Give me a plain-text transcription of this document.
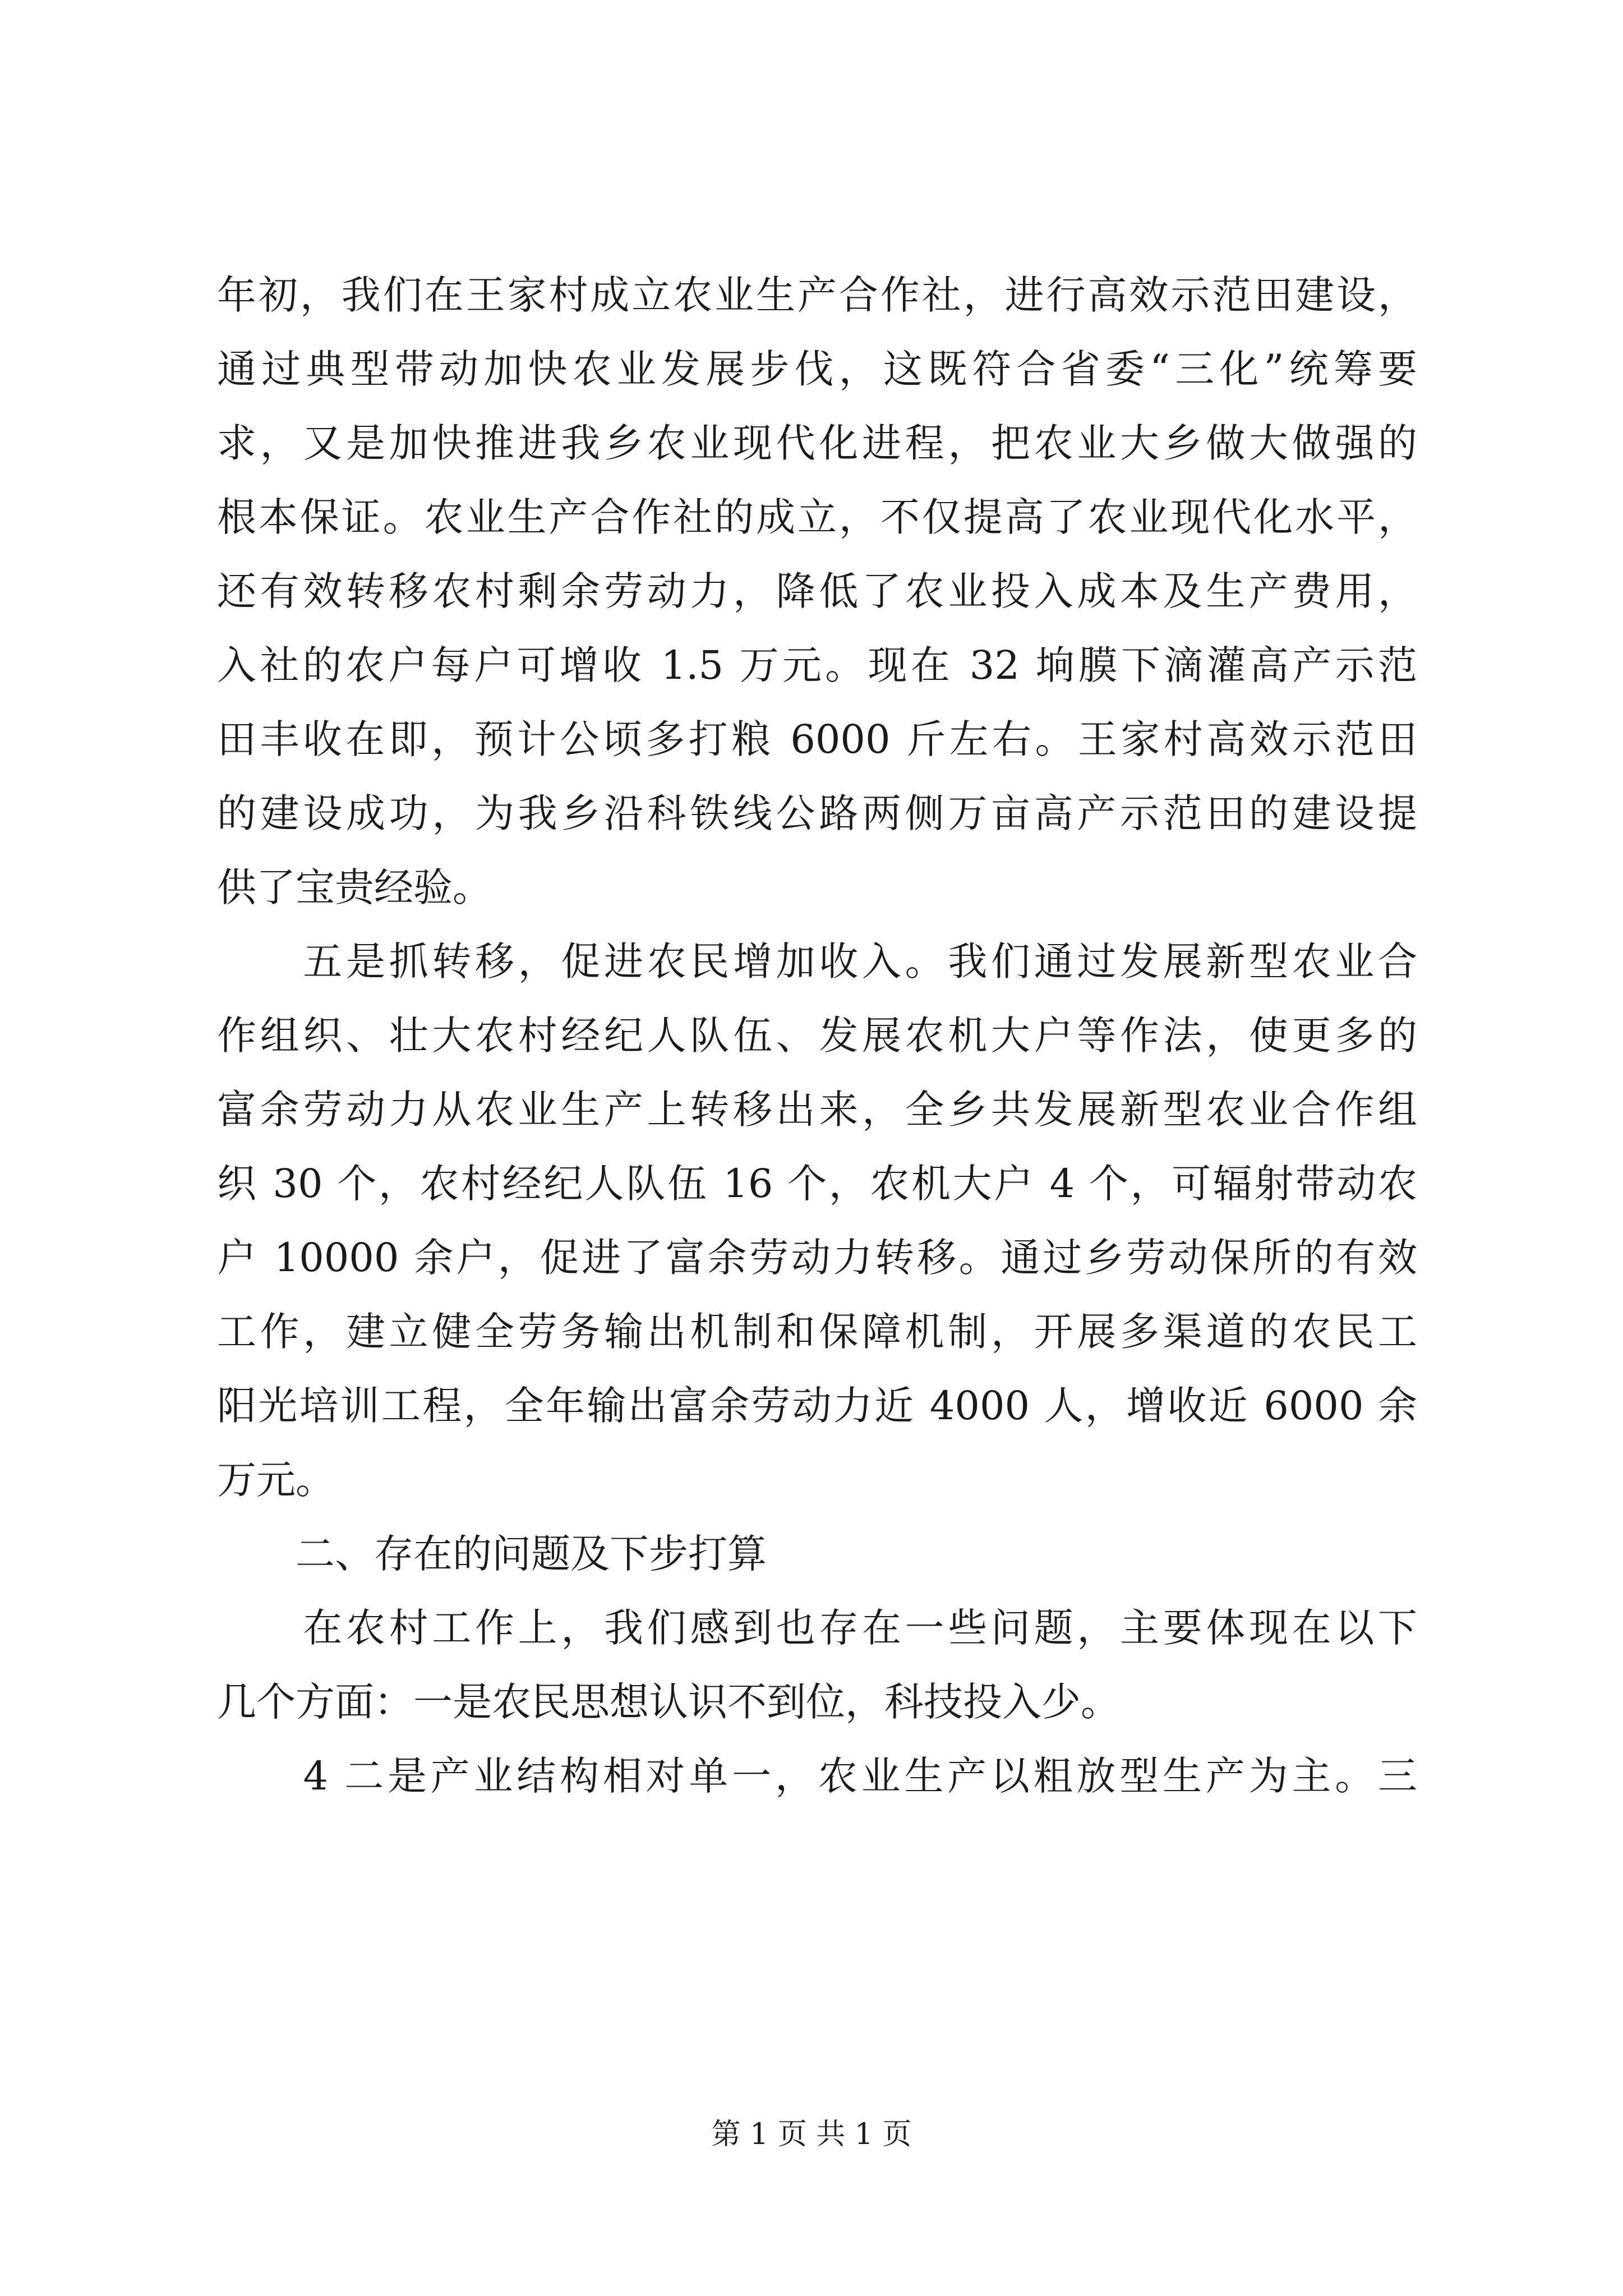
年初，我们在王家村成立农业生产合作社，进行高效示范田建设，
通过典型带动加快农业发展步伐，这既符合省委“三化”统筹要
求，又是加快推进我乡农业现代化进程，把农业大乡做大做强的
根本保证。农业生产合作社的成立，不仅提高了农业现代化水平，
还有效转移农村剩余劳动力，降低了农业投入成本及生产费用，
入社的农户每户可增收 1.5 万元。现在 32 垧膜下滴灌高产示范
田丰收在即，预计公顷多打粮 6000 斤左右。王家村高效示范田
的建设成功，为我乡沿科铁线公路两侧万亩高产示范田的建设提
供了宝贵经验。
　　五是抓转移，促进农民增加收入。我们通过发展新型农业合
作组织、壮大农村经纪人队伍、发展农机大户等作法，使更多的
富余劳动力从农业生产上转移出来，全乡共发展新型农业合作组
织 30 个，农村经纪人队伍 16 个，农机大户 4 个，可辐射带动农
户 10000 余户，促进了富余劳动力转移。通过乡劳动保所的有效
工作，建立健全劳务输出机制和保障机制，开展多渠道的农民工
阳光培训工程，全年输出富余劳动力近 4000 人，增收近 6000 余
万元。
　　二、存在的问题及下步打算
　　在农村工作上，我们感到也存在一些问题，主要体现在以下
几个方面：一是农民思想认识不到位，科技投入少。
　　4 二是产业结构相对单一，农业生产以粗放型生产为主。三
第 1 页 共 1 页
